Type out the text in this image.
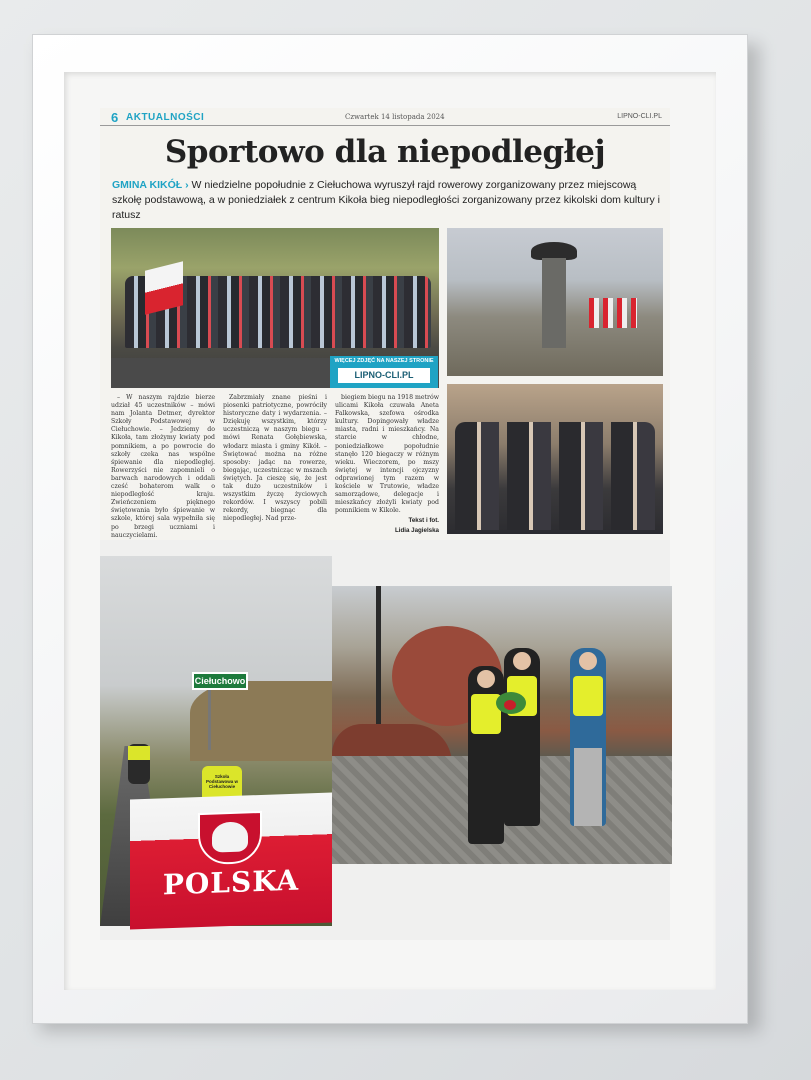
6 AKTUALNOŚCI	Czwartek 14 listopada 2024	LIPNO-CLI.PL
Sportowo dla niepodległej
GMINA KIKÓŁ › W niedzielne popołudnie z Ciełuchowa wyruszył rajd rowerowy zorganizowany przez miejscową szkołę podstawową, a w poniedziałek z centrum Kikoła bieg niepodległości zorganizowany przez kikolski dom kultury i ratusz
WIĘCEJ ZDJĘĆ NA NASZEJ STRONIE
LIPNO-CLI.PL

– W naszym rajdzie bierze udział 45 uczestników – mówi nam Jolanta Detmer, dyrektor Szkoły Podstawowej w Ciełuchowie. – Jedziemy do Kikoła, tam złożymy kwiaty pod pomnikiem, a po powrocie do szkoły czeka nas wspólne śpiewanie dla niepodległej. Rowerzyści nie zapomnieli o barwach narodowych i oddali cześć bohaterom walk o niepodległość kraju. Zwieńczeniem pięknego świętowania było śpiewanie w szkole, której sala wypełniła się po brzegi uczniami i nauczycielami.

Zabrzmiały znane pieśni i piosenki patriotyczne, powróciły historyczne daty i wydarzenia. – Dziękuję wszystkim, którzy uczestniczą w naszym biegu – mówi Renata Gołębiewska, włodarz miasta i gminy Kikół. – Świętować można na różne sposoby: jadąc na rowerze, biegając, uczestnicząc w mszach świętych. Ja cieszę się, że jest tak dużo uczestników i wszystkim życzę życiowych rekordów. I wszyscy pobili rekordy, biegnąc dla niepodległej. Nad prze-

biegiem biegu na 1918 metrów ulicami Kikoła czuwała Aneta Falkowska, szefowa ośrodka kultury. Dopingowały władze miasta, radni i mieszkańcy. Na starcie w chłodne, poniedziałkowe popołudnie stanęło 120 biegaczy w różnym wieku. Wieczorem, po mszy świętej w intencji ojczyzny odprawionej tym razem w kościele w Trutowie, władze samorządowe, delegacje i mieszkańcy złożyli kwiaty pod pomnikiem w Kikole.

Tekst i fot.
Lidia Jagielska
Ciełuchowo
Szkoła Podstawowa w Ciełuchowie
POLSKA
